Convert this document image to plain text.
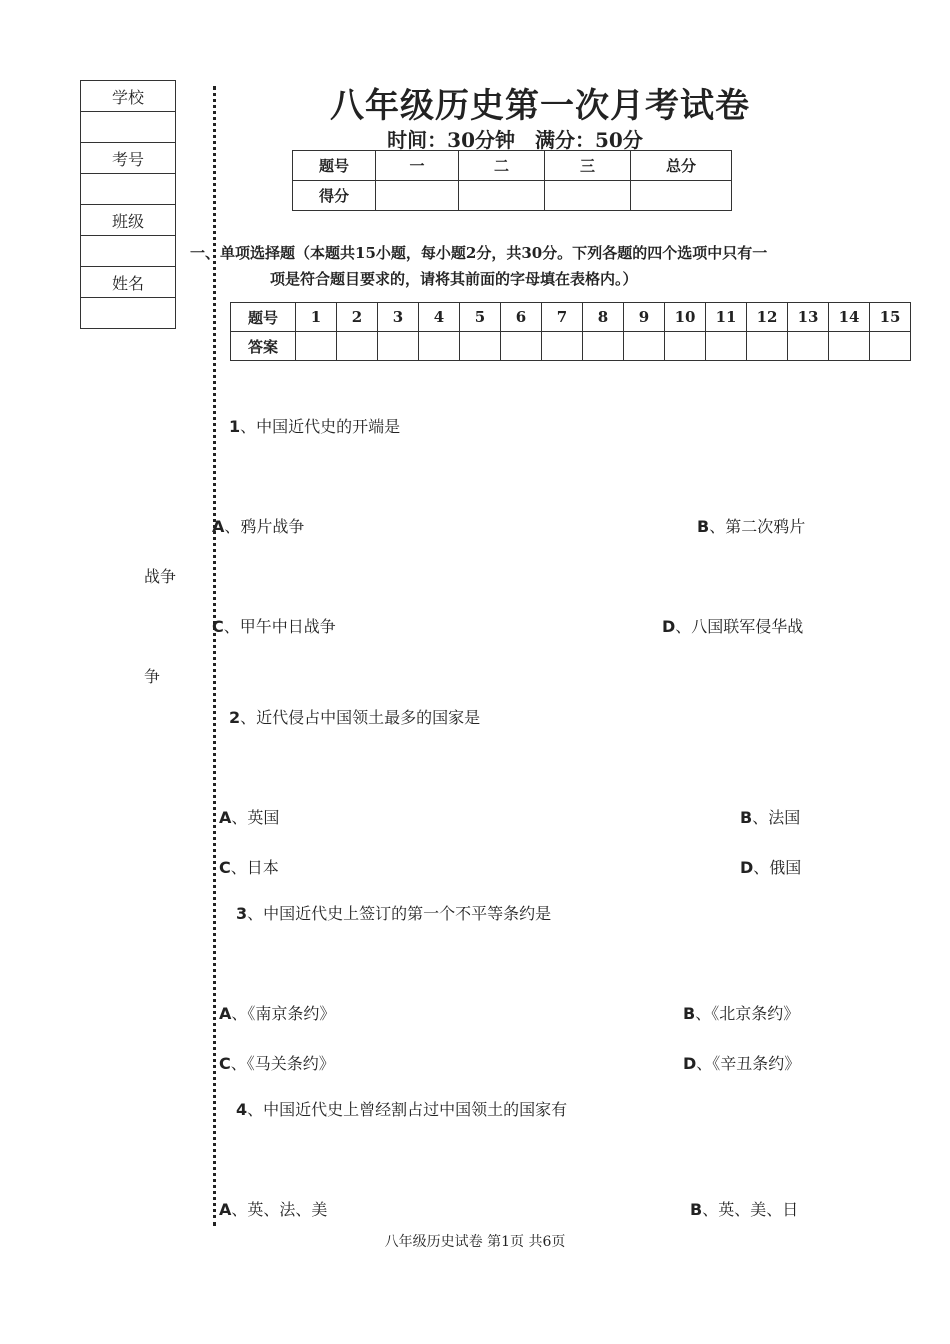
学校

考号

班级

姓名

八年级历史第一次月考试卷
时间：30分钟　满分：50分
题号	一	二	三	总分
得分				
一、单项选择题（本题共15小题，每小题2分，共30分。下列各题的四个选项中只有一
项是符合题目要求的，请将其前面的字母填在表格内。）
题号	1	2	3	4	5	6	7	8	9	10	11	12	13	14	15
答案															
1、中国近代史的开端是
A、鸦片战争	B、第二次鸦片
战争
C、甲午中日战争	D、八国联军侵华战
争
2、近代侵占中国领土最多的国家是
A、英国	B、法国
C、日本	D、俄国
3、中国近代史上签订的第一个不平等条约是
A、《南京条约》	B、《北京条约》
C、《马关条约》	D、《辛丑条约》
4、中国近代史上曾经割占过中国领土的国家有
A、英、法、美	B、英、美、日
八年级历史试卷 第1页 共6页
